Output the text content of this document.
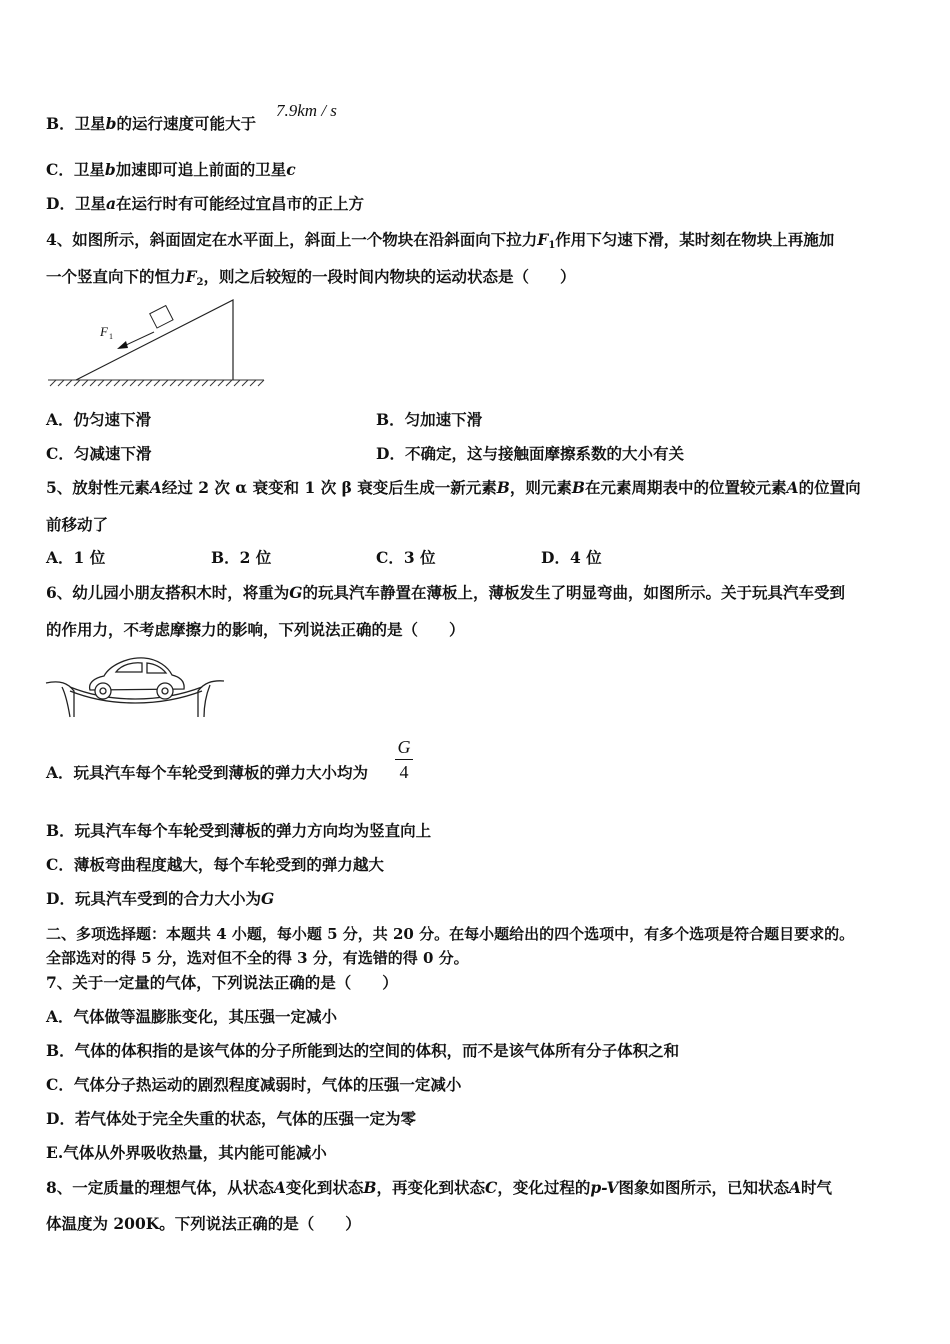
B．卫星b的运行速度可能大于
7.9km / s
C．卫星b加速即可追上前面的卫星c
D．卫星a在运行时有可能经过宜昌市的正上方
4、如图所示，斜面固定在水平面上，斜面上一个物块在沿斜面向下拉力$F_1$作用下匀速下滑，某时刻在物块上再施加
一个竖直向下的恒力$F_2$，则之后较短的一段时间内物块的运动状态是（　　）
F 1
A．仍匀速下滑	B．匀加速下滑
C．匀减速下滑	D．不确定，这与接触面摩擦系数的大小有关
5、放射性元素A经过 2 次 α 衰变和 1 次 β 衰变后生成一新元素B，则元素B在元素周期表中的位置较元素A的位置向
前移动了
A．1 位	B．2 位	C．3 位	D．4 位
6、幼儿园小朋友搭积木时，将重为G的玩具汽车静置在薄板上，薄板发生了明显弯曲，如图所示。关于玩具汽车受到
的作用力，不考虑摩擦力的影响，下列说法正确的是（　　）
A．玩具汽车每个车轮受到薄板的弹力大小均为
G
4
B．玩具汽车每个车轮受到薄板的弹力方向均为竖直向上
C．薄板弯曲程度越大，每个车轮受到的弹力越大
D．玩具汽车受到的合力大小为G
二、多项选择题：本题共 4 小题，每小题 5 分，共 20 分。在每小题给出的四个选项中，有多个选项是符合题目要求的。
全部选对的得 5 分，选对但不全的得 3 分，有选错的得 0 分。
7、关于一定量的气体，下列说法正确的是（　　）
A．气体做等温膨胀变化，其压强一定减小
B．气体的体积指的是该气体的分子所能到达的空间的体积，而不是该气体所有分子体积之和
C．气体分子热运动的剧烈程度减弱时，气体的压强一定减小
D．若气体处于完全失重的状态，气体的压强一定为零
E.气体从外界吸收热量，其内能可能减小
8、一定质量的理想气体，从状态A变化到状态B，再变化到状态C，变化过程的p-V图象如图所示，已知状态A时气
体温度为 200K。下列说法正确的是（　　）
